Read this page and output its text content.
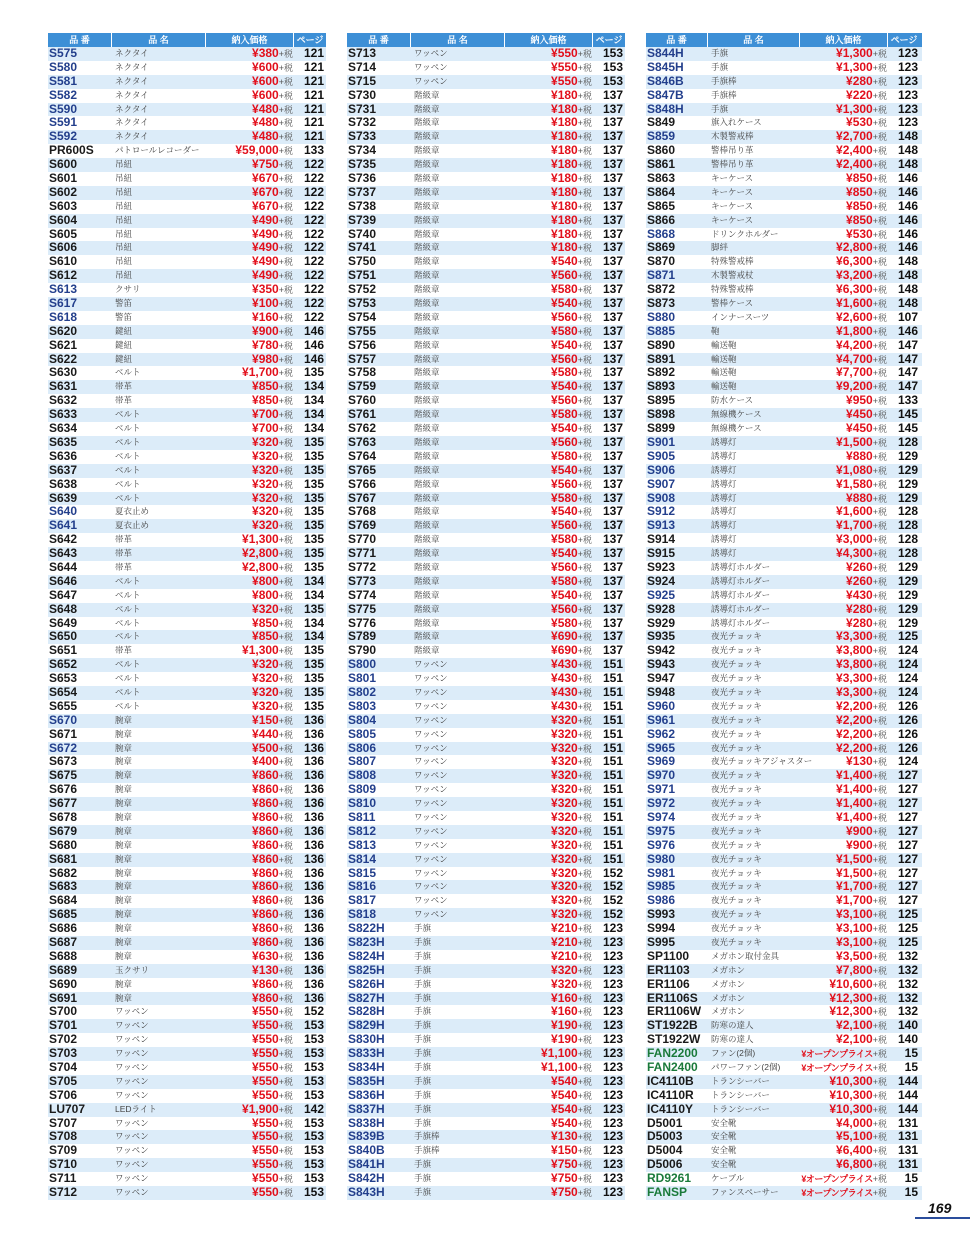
品 番	品 名	納入価格	ページ
S575	ネクタイ	¥380+税 121
S580	ネクタイ	¥600+税 121
S581	ネクタイ	¥600+税 121
S582	ネクタイ	¥600+税 121
S590	ネクタイ	¥480+税 121
S591	ネクタイ	¥480+税 121
S592	ネクタイ	¥480+税 121
PR600S	パトロールレコーダー	¥59,000+税 133
S600	吊紐	¥750+税 122
S601	吊紐	¥670+税 122
S602	吊紐	¥670+税 122
S603	吊紐	¥670+税 122
S604	吊紐	¥490+税 122
S605	吊紐	¥490+税 122
S606	吊紐	¥490+税 122
S610	吊紐	¥490+税 122
S612	吊紐	¥490+税 122
S613	クサリ	¥350+税 122
S617	警笛	¥100+税 122
S618	警笛	¥160+税 122
S620	鍵紐	¥900+税 146
S621	鍵紐	¥780+税 146
S622	鍵紐	¥980+税 146
S630	ベルト	¥1,700+税 135
S631	帯革	¥850+税 134
S632	帯革	¥850+税 134
S633	ベルト	¥700+税 134
S634	ベルト	¥700+税 134
S635	ベルト	¥320+税 135
S636	ベルト	¥320+税 135
S637	ベルト	¥320+税 135
S638	ベルト	¥320+税 135
S639	ベルト	¥320+税 135
S640	夏衣止め	¥320+税 135
S641	夏衣止め	¥320+税 135
S642	帯革	¥1,300+税 135
S643	帯革	¥2,800+税 135
S644	帯革	¥2,800+税 135
S646	ベルト	¥800+税 134
S647	ベルト	¥800+税 134
S648	ベルト	¥320+税 135
S649	ベルト	¥850+税 134
S650	ベルト	¥850+税 134
S651	帯革	¥1,300+税 135
S652	ベルト	¥320+税 135
S653	ベルト	¥320+税 135
S654	ベルト	¥320+税 135
S655	ベルト	¥320+税 135
S670	腕章	¥150+税 136
S671	腕章	¥440+税 136
S672	腕章	¥500+税 136
S673	腕章	¥400+税 136
S675	腕章	¥860+税 136
S676	腕章	¥860+税 136
S677	腕章	¥860+税 136
S678	腕章	¥860+税 136
S679	腕章	¥860+税 136
S680	腕章	¥860+税 136
S681	腕章	¥860+税 136
S682	腕章	¥860+税 136
S683	腕章	¥860+税 136
S684	腕章	¥860+税 136
S685	腕章	¥860+税 136
S686	腕章	¥860+税 136
S687	腕章	¥860+税 136
S688	腕章	¥630+税 136
S689	玉クサリ	¥130+税 136
S690	腕章	¥860+税 136
S691	腕章	¥860+税 136
S700	ワッペン	¥550+税 152
S701	ワッペン	¥550+税 153
S702	ワッペン	¥550+税 153
S703	ワッペン	¥550+税 153
S704	ワッペン	¥550+税 153
S705	ワッペン	¥550+税 153
S706	ワッペン	¥550+税 153
LU707	LEDライト	¥1,900+税 142
S707	ワッペン	¥550+税 153
S708	ワッペン	¥550+税 153
S709	ワッペン	¥550+税 153
S710	ワッペン	¥550+税 153
S711	ワッペン	¥550+税 153
S712	ワッペン	¥550+税 153
品 番	品 名	納入価格	ページ
S713	ワッペン	¥550+税 153
S714	ワッペン	¥550+税 153
S715	ワッペン	¥550+税 153
S730	階級章	¥180+税 137
S731	階級章	¥180+税 137
S732	階級章	¥180+税 137
S733	階級章	¥180+税 137
S734	階級章	¥180+税 137
S735	階級章	¥180+税 137
S736	階級章	¥180+税 137
S737	階級章	¥180+税 137
S738	階級章	¥180+税 137
S739	階級章	¥180+税 137
S740	階級章	¥180+税 137
S741	階級章	¥180+税 137
S750	階級章	¥540+税 137
S751	階級章	¥560+税 137
S752	階級章	¥580+税 137
S753	階級章	¥540+税 137
S754	階級章	¥560+税 137
S755	階級章	¥580+税 137
S756	階級章	¥540+税 137
S757	階級章	¥560+税 137
S758	階級章	¥580+税 137
S759	階級章	¥540+税 137
S760	階級章	¥560+税 137
S761	階級章	¥580+税 137
S762	階級章	¥540+税 137
S763	階級章	¥560+税 137
S764	階級章	¥580+税 137
S765	階級章	¥540+税 137
S766	階級章	¥560+税 137
S767	階級章	¥580+税 137
S768	階級章	¥540+税 137
S769	階級章	¥560+税 137
S770	階級章	¥580+税 137
S771	階級章	¥540+税 137
S772	階級章	¥560+税 137
S773	階級章	¥580+税 137
S774	階級章	¥540+税 137
S775	階級章	¥560+税 137
S776	階級章	¥580+税 137
S789	階級章	¥690+税 137
S790	階級章	¥690+税 137
S800	ワッペン	¥430+税 151
S801	ワッペン	¥430+税 151
S802	ワッペン	¥430+税 151
S803	ワッペン	¥430+税 151
S804	ワッペン	¥320+税 151
S805	ワッペン	¥320+税 151
S806	ワッペン	¥320+税 151
S807	ワッペン	¥320+税 151
S808	ワッペン	¥320+税 151
S809	ワッペン	¥320+税 151
S810	ワッペン	¥320+税 151
S811	ワッペン	¥320+税 151
S812	ワッペン	¥320+税 151
S813	ワッペン	¥320+税 151
S814	ワッペン	¥320+税 151
S815	ワッペン	¥320+税 152
S816	ワッペン	¥320+税 152
S817	ワッペン	¥320+税 152
S818	ワッペン	¥320+税 152
S822H	手旗	¥210+税 123
S823H	手旗	¥210+税 123
S824H	手旗	¥210+税 123
S825H	手旗	¥320+税 123
S826H	手旗	¥320+税 123
S827H	手旗	¥160+税 123
S828H	手旗	¥160+税 123
S829H	手旗	¥190+税 123
S830H	手旗	¥190+税 123
S833H	手旗	¥1,100+税 123
S834H	手旗	¥1,100+税 123
S835H	手旗	¥540+税 123
S836H	手旗	¥540+税 123
S837H	手旗	¥540+税 123
S838H	手旗	¥540+税 123
S839B	手旗棒	¥130+税 123
S840B	手旗棒	¥150+税 123
S841H	手旗	¥750+税 123
S842H	手旗	¥750+税 123
S843H	手旗	¥750+税 123
品 番	品 名	納入価格	ページ
S844H	手旗	¥1,300+税 123
S845H	手旗	¥1,300+税 123
S846B	手旗棒	¥280+税 123
S847B	手旗棒	¥220+税 123
S848H	手旗	¥1,300+税 123
S849	旗入れケース	¥530+税 123
S859	木製警戒棒	¥2,700+税 148
S860	警棒吊り革	¥2,400+税 148
S861	警棒吊り革	¥2,400+税 148
S863	キーケース	¥850+税 146
S864	キーケース	¥850+税 146
S865	キーケース	¥850+税 146
S866	キーケース	¥850+税 146
S868	ドリンクホルダー	¥530+税 146
S869	脚絆	¥2,800+税 146
S870	特殊警戒棒	¥6,300+税 148
S871	木製警戒杖	¥3,200+税 148
S872	特殊警戒棒	¥6,300+税 148
S873	警棒ケース	¥1,600+税 148
S880	インナースーツ	¥2,600+税 107
S885	鞄	¥1,800+税 146
S890	輸送鞄	¥4,200+税 147
S891	輸送鞄	¥4,700+税 147
S892	輸送鞄	¥7,700+税 147
S893	輸送鞄	¥9,200+税 147
S895	防水ケース	¥950+税 133
S898	無線機ケース	¥450+税 145
S899	無線機ケース	¥450+税 145
S901	誘導灯	¥1,500+税 128
S905	誘導灯	¥880+税 129
S906	誘導灯	¥1,080+税 129
S907	誘導灯	¥1,580+税 129
S908	誘導灯	¥880+税 129
S912	誘導灯	¥1,600+税 128
S913	誘導灯	¥1,700+税 128
S914	誘導灯	¥3,000+税 128
S915	誘導灯	¥4,300+税 128
S923	誘導灯ホルダー	¥260+税 129
S924	誘導灯ホルダー	¥260+税 129
S925	誘導灯ホルダー	¥430+税 129
S928	誘導灯ホルダー	¥280+税 129
S929	誘導灯ホルダー	¥280+税 129
S935	夜光チョッキ	¥3,300+税 125
S942	夜光チョッキ	¥3,800+税 124
S943	夜光チョッキ	¥3,800+税 124
S947	夜光チョッキ	¥3,300+税 124
S948	夜光チョッキ	¥3,300+税 124
S960	夜光チョッキ	¥2,200+税 126
S961	夜光チョッキ	¥2,200+税 126
S962	夜光チョッキ	¥2,200+税 126
S965	夜光チョッキ	¥2,200+税 126
S969	夜光チョッキアジャスター	¥130+税 124
S970	夜光チョッキ	¥1,400+税 127
S971	夜光チョッキ	¥1,400+税 127
S972	夜光チョッキ	¥1,400+税 127
S974	夜光チョッキ	¥1,400+税 127
S975	夜光チョッキ	¥900+税 127
S976	夜光チョッキ	¥900+税 127
S980	夜光チョッキ	¥1,500+税 127
S981	夜光チョッキ	¥1,500+税 127
S985	夜光チョッキ	¥1,700+税 127
S986	夜光チョッキ	¥1,700+税 127
S993	夜光チョッキ	¥3,100+税 125
S994	夜光チョッキ	¥3,100+税 125
S995	夜光チョッキ	¥3,100+税 125
SP1100	メガホン取付金具	¥3,500+税 132
ER1103	メガホン	¥7,800+税 132
ER1106	メガホン	¥10,600+税 132
ER1106S	メガホン	¥12,300+税 132
ER1106W	メガホン	¥12,300+税 132
ST1922B	防寒の達人	¥2,100+税 140
ST1922W	防寒の達人	¥2,100+税 140
FAN2200	ファン(2個)	¥オープンプライス+税	15
FAN2400	パワーファン(2個)	¥オープンプライス+税	15
IC4110B	トランシーバー	¥10,300+税 144
IC4110R	トランシーバー	¥10,300+税 144
IC4110Y	トランシーバー	¥10,300+税 144
D5001	安全靴	¥4,000+税 131
D5003	安全靴	¥5,100+税 131
D5004	安全靴	¥6,400+税 131
D5006	安全靴	¥6,800+税 131
RD9261	ケーブル	¥オープンプライス+税	15
FANSP	ファンスペーサー	¥オープンプライス+税	15
169
